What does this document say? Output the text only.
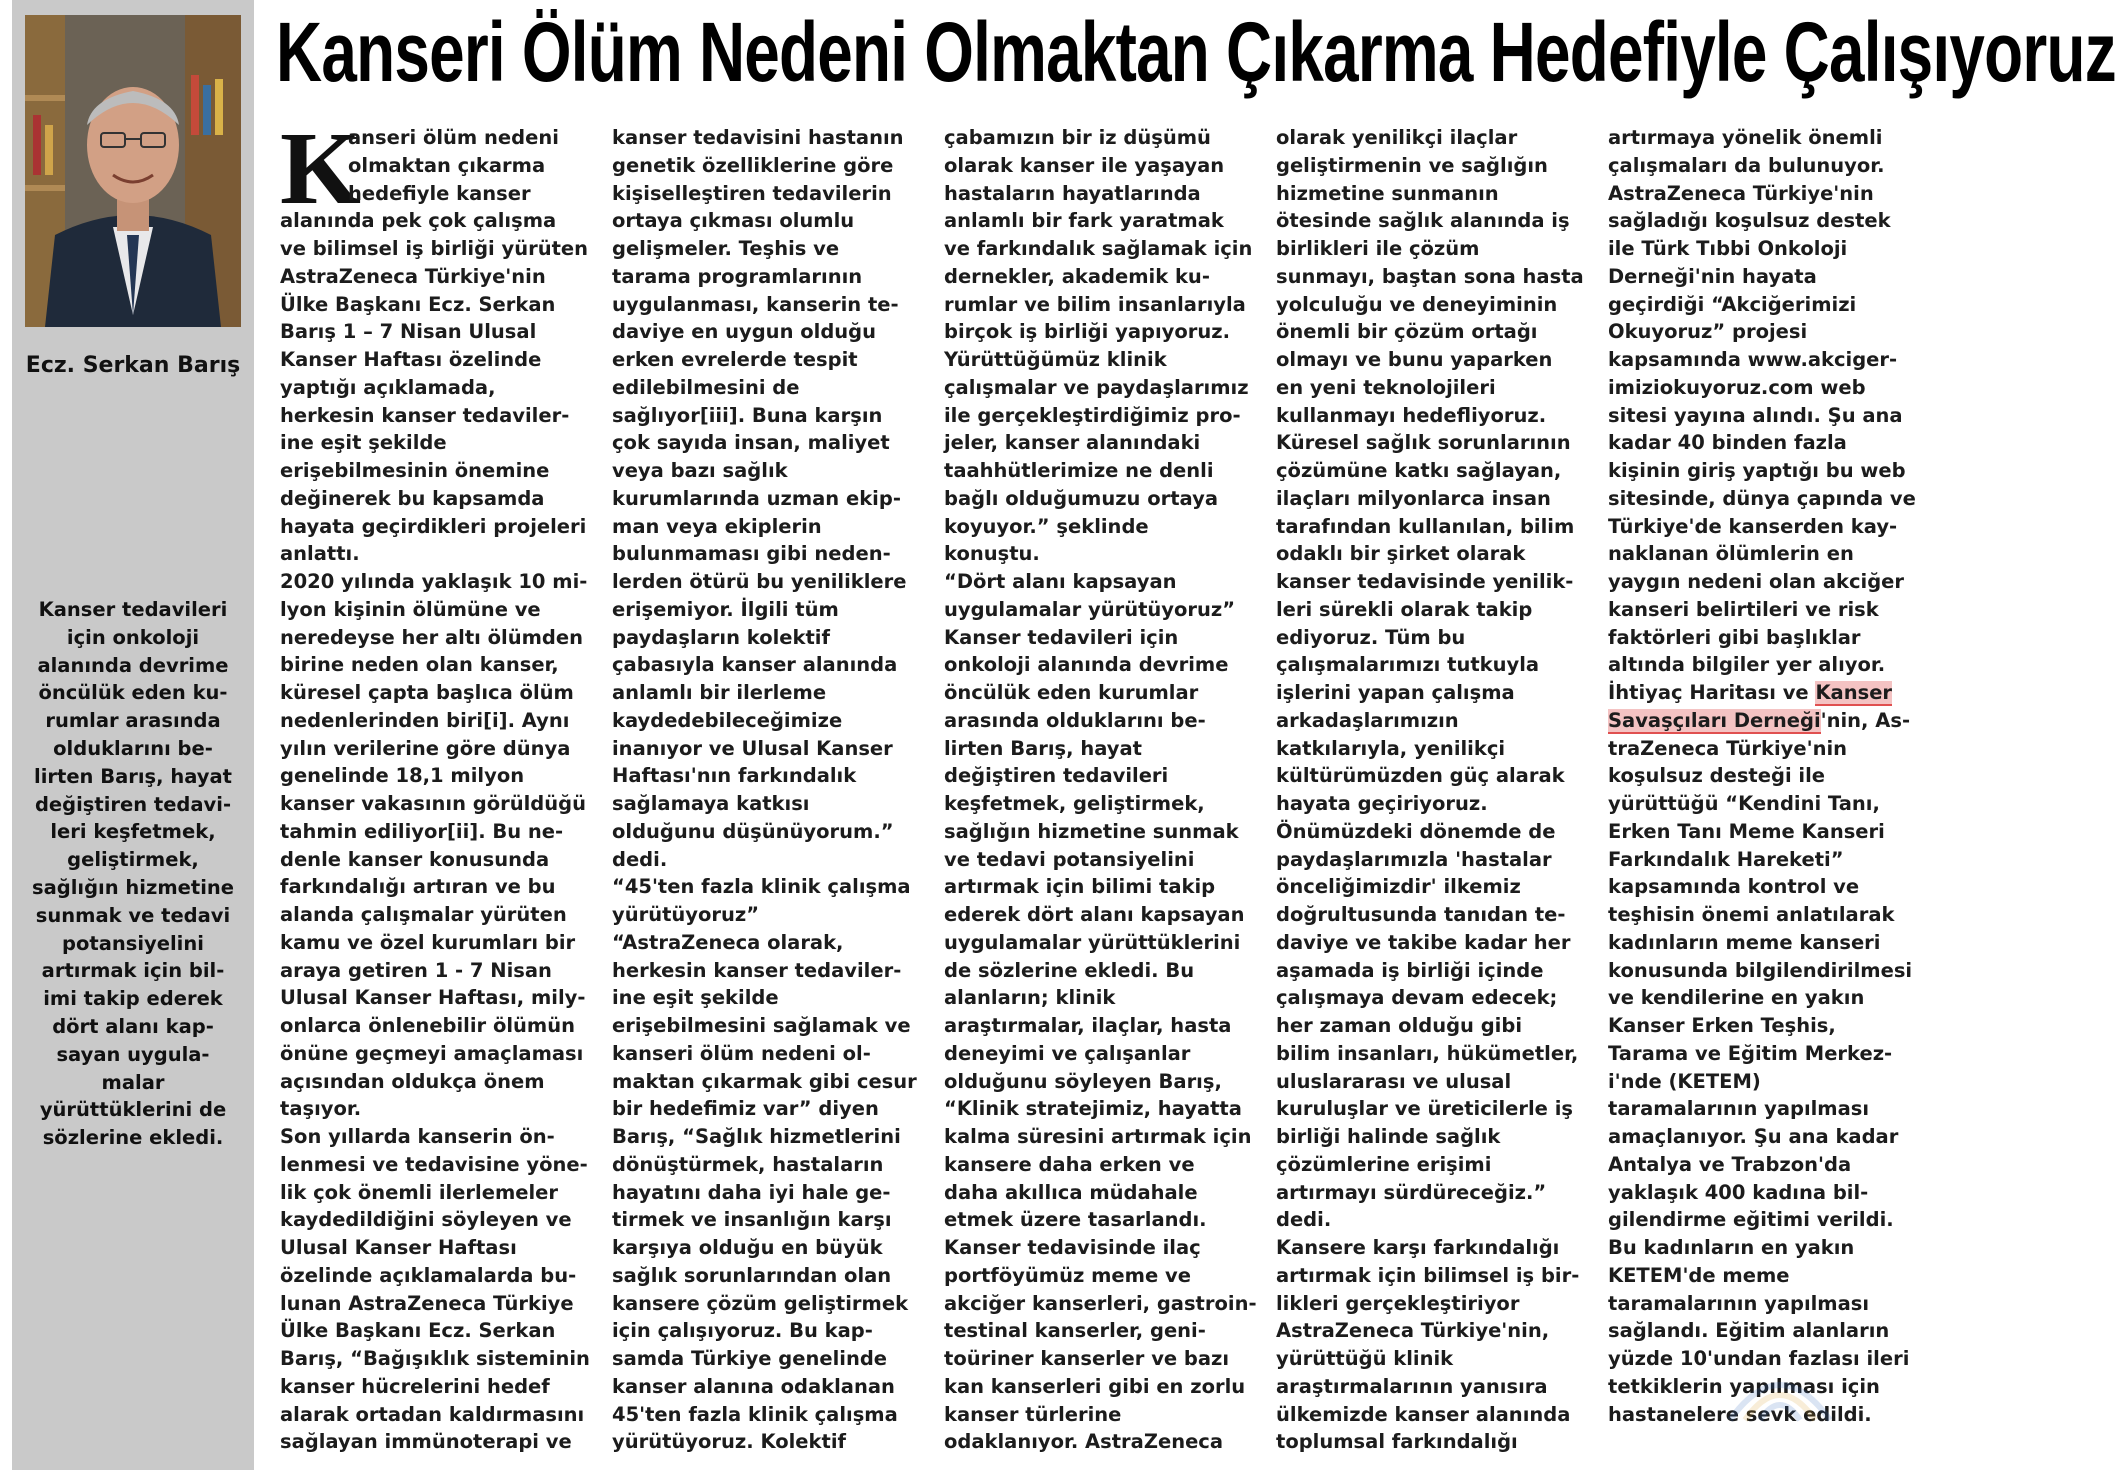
Ecz. Serkan Barış
Kanser tedavileri
için onkoloji
alanında devrime
öncülük eden ku-
rumlar arasında
olduklarını be-
lirten Barış, hayat
değiştiren tedavi-
leri keşfetmek,
geliştirmek,
sağlığın hizmetine
sunmak ve tedavi
potansiyelini
artırmak için bil-
imi takip ederek
dört alanı kap-
sayan uygula-
malar
yürüttüklerini de
sözlerine ekledi.
Kanseri Ölüm Nedeni Olmaktan Çıkarma Hedefiyle Çalışıyoruz
K
anseri ölüm nedeni
olmaktan çıkarma
hedefiyle kanser
alanında pek çok çalışma
ve bilimsel iş birliği yürüten
AstraZeneca Türkiye'nin
Ülke Başkanı Ecz. Serkan
Barış 1 – 7 Nisan Ulusal
Kanser Haftası özelinde
yaptığı açıklamada,
herkesin kanser tedaviler-
ine eşit şekilde
erişebilmesinin önemine
değinerek bu kapsamda
hayata geçirdikleri projeleri
anlattı.
2020 yılında yaklaşık 10 mi-
lyon kişinin ölümüne ve
neredeyse her altı ölümden
birine neden olan kanser,
küresel çapta başlıca ölüm
nedenlerinden biri[i]. Aynı
yılın verilerine göre dünya
genelinde 18,1 milyon
kanser vakasının görüldüğü
tahmin ediliyor[ii]. Bu ne-
denle kanser konusunda
farkındalığı artıran ve bu
alanda çalışmalar yürüten
kamu ve özel kurumları bir
araya getiren 1 - 7 Nisan
Ulusal Kanser Haftası, mily-
onlarca önlenebilir ölümün
önüne geçmeyi amaçlaması
açısından oldukça önem
taşıyor.
Son yıllarda kanserin ön-
lenmesi ve tedavisine yöne-
lik çok önemli ilerlemeler
kaydedildiğini söyleyen ve
Ulusal Kanser Haftası
özelinde açıklamalarda bu-
lunan AstraZeneca Türkiye
Ülke Başkanı Ecz. Serkan
Barış, “Bağışıklık sisteminin
kanser hücrelerini hedef
alarak ortadan kaldırmasını
sağlayan immünoterapi ve
kanser tedavisini hastanın
genetik özelliklerine göre
kişiselleştiren tedavilerin
ortaya çıkması olumlu
gelişmeler. Teşhis ve
tarama programlarının
uygulanması, kanserin te-
daviye en uygun olduğu
erken evrelerde tespit
edilebilmesini de
sağlıyor[iii]. Buna karşın
çok sayıda insan, maliyet
veya bazı sağlık
kurumlarında uzman ekip-
man veya ekiplerin
bulunmaması gibi neden-
lerden ötürü bu yeniliklere
erişemiyor. İlgili tüm
paydaşların kolektif
çabasıyla kanser alanında
anlamlı bir ilerleme
kaydedebileceğimize
inanıyor ve Ulusal Kanser
Haftası'nın farkındalık
sağlamaya katkısı
olduğunu düşünüyorum.”
dedi.
“45'ten fazla klinik çalışma
yürütüyoruz”
“AstraZeneca olarak,
herkesin kanser tedaviler-
ine eşit şekilde
erişebilmesini sağlamak ve
kanseri ölüm nedeni ol-
maktan çıkarmak gibi cesur
bir hedefimiz var” diyen
Barış, “Sağlık hizmetlerini
dönüştürmek, hastaların
hayatını daha iyi hale ge-
tirmek ve insanlığın karşı
karşıya olduğu en büyük
sağlık sorunlarından olan
kansere çözüm geliştirmek
için çalışıyoruz. Bu kap-
samda Türkiye genelinde
kanser alanına odaklanan
45'ten fazla klinik çalışma
yürütüyoruz. Kolektif
çabamızın bir iz düşümü
olarak kanser ile yaşayan
hastaların hayatlarında
anlamlı bir fark yaratmak
ve farkındalık sağlamak için
dernekler, akademik ku-
rumlar ve bilim insanlarıyla
birçok iş birliği yapıyoruz.
Yürüttüğümüz klinik
çalışmalar ve paydaşlarımız
ile gerçekleştirdiğimiz pro-
jeler, kanser alanındaki
taahhütlerimize ne denli
bağlı olduğumuzu ortaya
koyuyor.” şeklinde
konuştu.
“Dört alanı kapsayan
uygulamalar yürütüyoruz”
Kanser tedavileri için
onkoloji alanında devrime
öncülük eden kurumlar
arasında olduklarını be-
lirten Barış, hayat
değiştiren tedavileri
keşfetmek, geliştirmek,
sağlığın hizmetine sunmak
ve tedavi potansiyelini
artırmak için bilimi takip
ederek dört alanı kapsayan
uygulamalar yürüttüklerini
de sözlerine ekledi. Bu
alanların; klinik
araştırmalar, ilaçlar, hasta
deneyimi ve çalışanlar
olduğunu söyleyen Barış,
“Klinik stratejimiz, hayatta
kalma süresini artırmak için
kansere daha erken ve
daha akıllıca müdahale
etmek üzere tasarlandı.
Kanser tedavisinde ilaç
portföyümüz meme ve
akciğer kanserleri, gastroin-
testinal kanserler, geni-
toüriner kanserler ve bazı
kan kanserleri gibi en zorlu
kanser türlerine
odaklanıyor. AstraZeneca
olarak yenilikçi ilaçlar
geliştirmenin ve sağlığın
hizmetine sunmanın
ötesinde sağlık alanında iş
birlikleri ile çözüm
sunmayı, baştan sona hasta
yolculuğu ve deneyiminin
önemli bir çözüm ortağı
olmayı ve bunu yaparken
en yeni teknolojileri
kullanmayı hedefliyoruz.
Küresel sağlık sorunlarının
çözümüne katkı sağlayan,
ilaçları milyonlarca insan
tarafından kullanılan, bilim
odaklı bir şirket olarak
kanser tedavisinde yenilik-
leri sürekli olarak takip
ediyoruz. Tüm bu
çalışmalarımızı tutkuyla
işlerini yapan çalışma
arkadaşlarımızın
katkılarıyla, yenilikçi
kültürümüzden güç alarak
hayata geçiriyoruz.
Önümüzdeki dönemde de
paydaşlarımızla 'hastalar
önceliğimizdir' ilkemiz
doğrultusunda tanıdan te-
daviye ve takibe kadar her
aşamada iş birliği içinde
çalışmaya devam edecek;
her zaman olduğu gibi
bilim insanları, hükümetler,
uluslararası ve ulusal
kuruluşlar ve üreticilerle iş
birliği halinde sağlık
çözümlerine erişimi
artırmayı sürdüreceğiz.”
dedi.
Kansere karşı farkındalığı
artırmak için bilimsel iş bir-
likleri gerçekleştiriyor
AstraZeneca Türkiye'nin,
yürüttüğü klinik
araştırmalarının yanısıra
ülkemizde kanser alanında
toplumsal farkındalığı
artırmaya yönelik önemli
çalışmaları da bulunuyor.
AstraZeneca Türkiye'nin
sağladığı koşulsuz destek
ile Türk Tıbbi Onkoloji
Derneği'nin hayata
geçirdiği “Akciğerimizi
Okuyoruz” projesi
kapsamında www.akciger-
imiziokuyoruz.com web
sitesi yayına alındı. Şu ana
kadar 40 binden fazla
kişinin giriş yaptığı bu web
sitesinde, dünya çapında ve
Türkiye'de kanserden kay-
naklanan ölümlerin en
yaygın nedeni olan akciğer
kanseri belirtileri ve risk
faktörleri gibi başlıklar
altında bilgiler yer alıyor.
İhtiyaç Haritası ve Kanser
Savaşçıları Derneği'nin, As-
traZeneca Türkiye'nin
koşulsuz desteği ile
yürüttüğü “Kendini Tanı,
Erken Tanı Meme Kanseri
Farkındalık Hareketi”
kapsamında kontrol ve
teşhisin önemi anlatılarak
kadınların meme kanseri
konusunda bilgilendirilmesi
ve kendilerine en yakın
Kanser Erken Teşhis,
Tarama ve Eğitim Merkez-
i'nde (KETEM)
taramalarının yapılması
amaçlanıyor. Şu ana kadar
Antalya ve Trabzon'da
yaklaşık 400 kadına bil-
gilendirme eğitimi verildi.
Bu kadınların en yakın
KETEM'de meme
taramalarının yapılması
sağlandı. Eğitim alanların
yüzde 10'undan fazlası ileri
tetkiklerin yapılması için
hastanelere sevk edildi.
